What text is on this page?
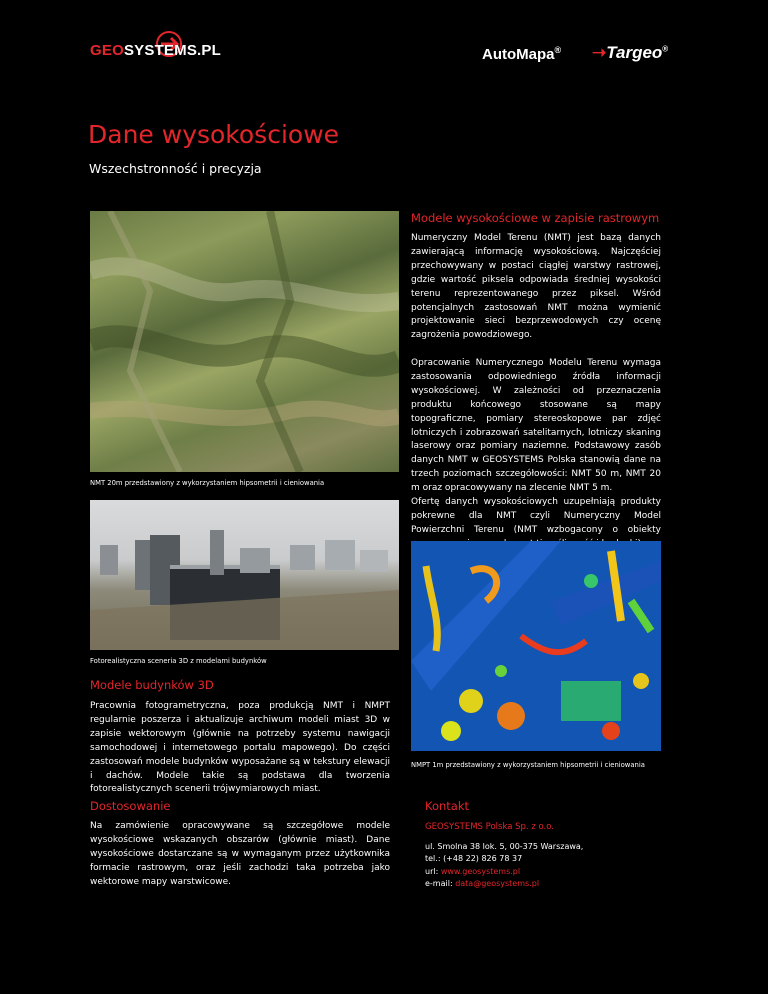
GEOSYSTEMS.PL	AutoMapa® ➝Targeo®
Dane wysokościowe
Wszechstronność i precyzja
NMT 20m przedstawiony z wykorzystaniem hipsometrii i cieniowania
Modele wysokościowe w zapisie rastrowym
Numeryczny Model Terenu (NMT) jest bazą danych zawierającą informację wysokościową. Najczęściej przechowywany w postaci ciągłej warstwy rastrowej, gdzie wartość piksela odpowiada średniej wysokości terenu reprezentowanego przez piksel. Wśród potencjalnych zastosowań NMT można wymienić projektowanie sieci bezprzewodowych czy ocenę zagrożenia powodziowego.
Opracowanie Numerycznego Modelu Terenu wymaga zastosowania odpowiedniego źródła informacji wysokościowej. W zależności od przeznaczenia produktu końcowego stosowane są mapy topograficzne, pomiary stereoskopowe par zdjęć lotniczych i zobrazowań satelitarnych, lotniczy skaning laserowy oraz pomiary naziemne. Podstawowy zasób danych NMT w GEOSYSTEMS Polska stanowią dane na trzech poziomach szczegółowości: NMT 50 m, NMT 20 m oraz opracowywany na zlecenie NMT 5 m.
Ofertę danych wysokościowych uzupełniają produkty pokrewne dla NMT czyli Numeryczny Model Powierzchni Terenu (NMT wzbogacony o obiekty
Fotorealistyczna sceneria 3D z modelami budynków
NMPT 1m przedstawiony z wykorzystaniem hipsometrii i cieniowania
Modele budynków 3D
Pracownia fotogrametryczna, poza produkcją NMT i NMPT regularnie poszerza i aktualizuje archiwum modeli miast 3D w zapisie wektorowym (głównie na potrzeby systemu nawigacji samochodowej i internetowego portalu mapowego). Do części zastosowań modele budynków wyposażane są w tekstury elewacji i dachów. Modele takie są podstawa dla tworzenia fotorealistycznych scenerii trójwymiarowych miast.
Dostosowanie
Na zamówienie opracowywane są szczegółowe modele wysokościowe wskazanych obszarów (głównie miast). Dane wysokościowe dostarczane są w wymaganym przez użytkownika formacie rastrowym, oraz jeśli zachodzi taka potrzeba jako wektorowe mapy warstwicowe.
Kontakt
GEOSYSTEMS Polska Sp. z o.o.
ul. Smolna 38 lok. 5, 00-375 Warszawa,
tel.: (+48 22) 826 78 37
url: www.geosystems.pl
e-mail: data@geosystems.pl
